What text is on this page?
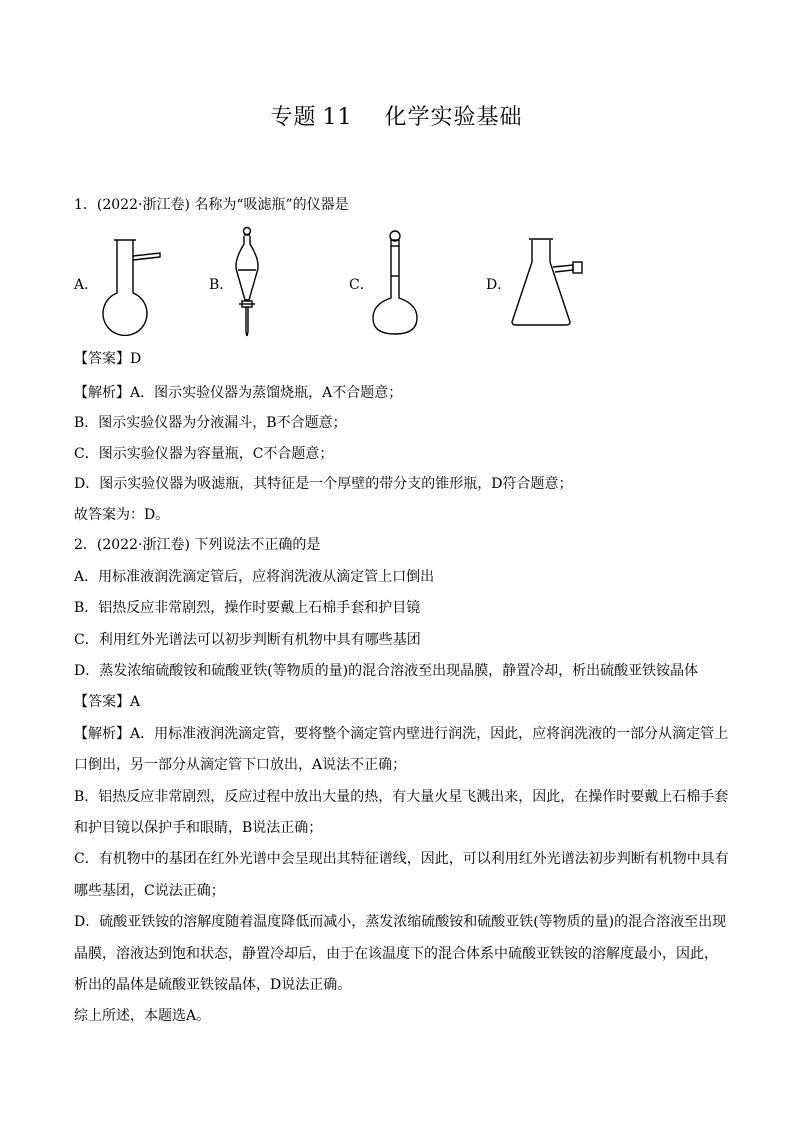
专题 11 化学实验基础
1．(2022·浙江卷) 名称为“吸滤瓶”的仪器是
A．	B．	C．	D．
【答案】D
【解析】A．图示实验仪器为蒸馏烧瓶，A不合题意；
B．图示实验仪器为分液漏斗，B不合题意；
C．图示实验仪器为容量瓶，C不合题意；
D．图示实验仪器为吸滤瓶，其特征是一个厚壁的带分支的锥形瓶，D符合题意；
故答案为：D。
2．(2022·浙江卷) 下列说法不正确的是
A．用标准液润洗滴定管后，应将润洗液从滴定管上口倒出
B．铝热反应非常剧烈，操作时要戴上石棉手套和护目镜
C．利用红外光谱法可以初步判断有机物中具有哪些基团
D．蒸发浓缩硫酸铵和硫酸亚铁(等物质的量)的混合溶液至出现晶膜，静置冷却，析出硫酸亚铁铵晶体
【答案】A
【解析】A．用标准液润洗滴定管，要将整个滴定管内壁进行润洗，因此，应将润洗液的一部分从滴定管上
口倒出，另一部分从滴定管下口放出，A说法不正确；
B．铝热反应非常剧烈，反应过程中放出大量的热，有大量火星飞溅出来，因此，在操作时要戴上石棉手套
和护目镜以保护手和眼睛，B说法正确；
C．有机物中的基团在红外光谱中会呈现出其特征谱线，因此，可以利用红外光谱法初步判断有机物中具有
哪些基团，C说法正确；
D．硫酸亚铁铵的溶解度随着温度降低而减小，蒸发浓缩硫酸铵和硫酸亚铁(等物质的量)的混合溶液至出现
晶膜，溶液达到饱和状态，静置冷却后，由于在该温度下的混合体系中硫酸亚铁铵的溶解度最小，因此，
析出的晶体是硫酸亚铁铵晶体，D说法正确。
综上所述，本题选A。
